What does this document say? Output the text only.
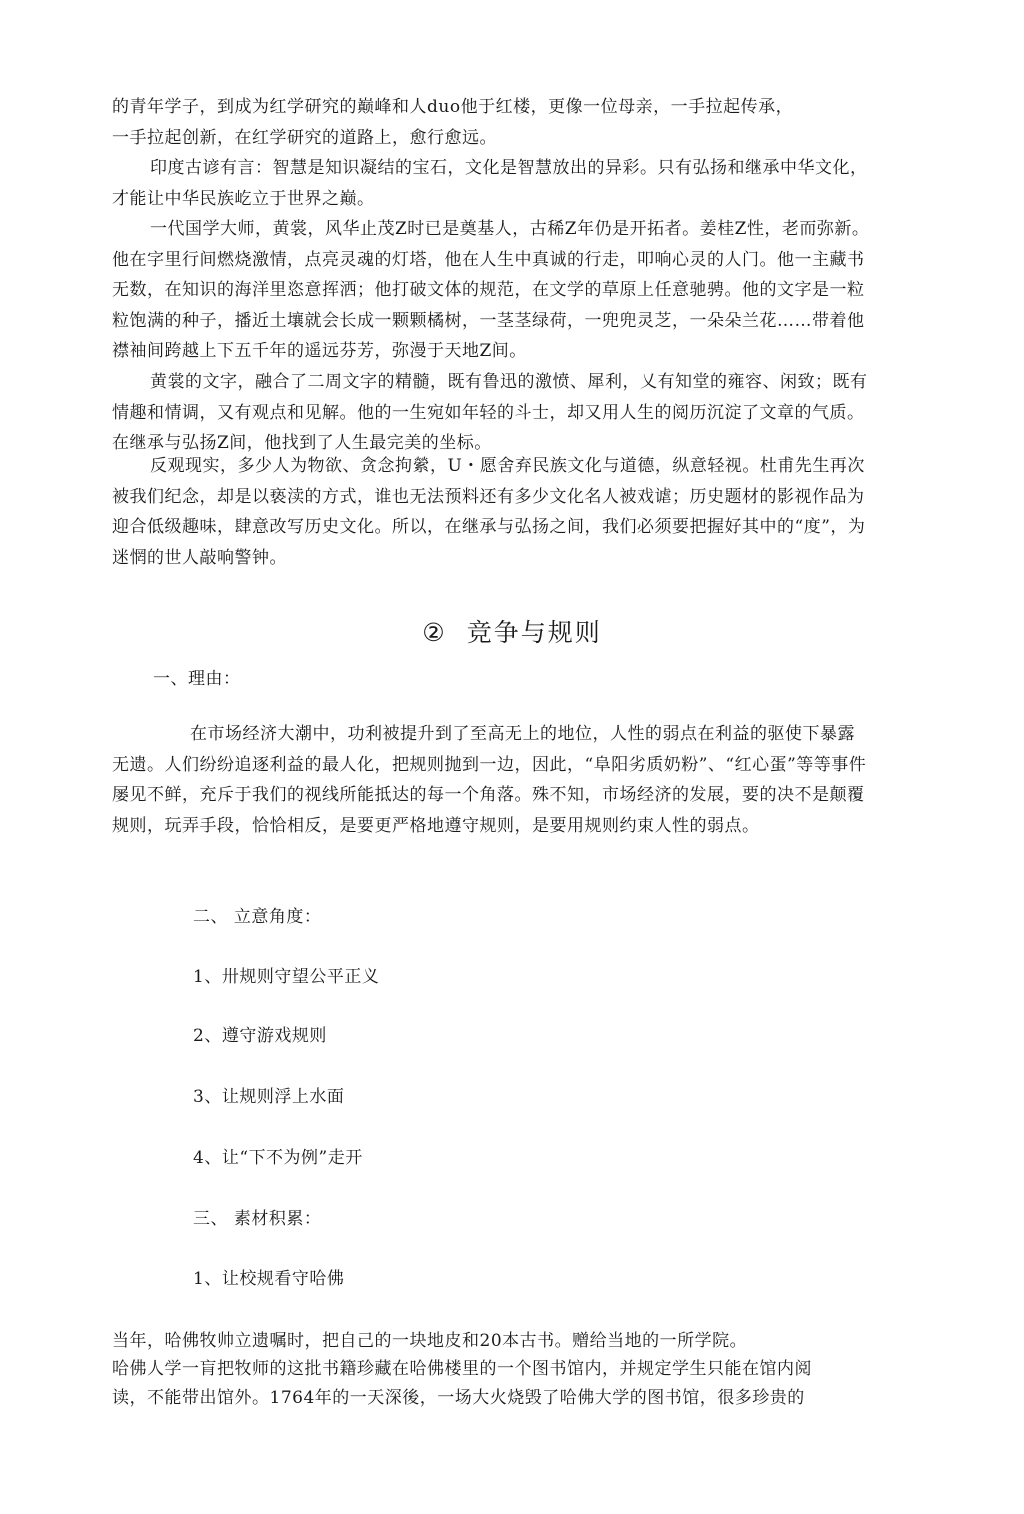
的青年学子，到成为红学研究的巅峰和人duo他于红楼，更像一位母亲，一手拉起传承，

一手拉起创新，在红学研究的道路上，愈行愈远。

印度古谚有言：智慧是知识凝结的宝石，文化是智慧放出的异彩。只有弘扬和继承中华文化，才能让中华民族屹立于世界之巅。

一代国学大师，黄裳，风华止茂Z时已是奠基人，古稀Z年仍是开拓者。姜桂Z性，老而弥新。他在字里行间燃烧激情，点亮灵魂的灯塔，他在人生中真诚的行走，叩响心灵的人门。他一主藏书无数，在知识的海洋里恣意挥洒；他打破文体的规范，在文学的草原上任意驰骋。他的文字是一粒粒饱满的种子，播近土壤就会长成一颗颗橘树，一茎茎绿荷，一兜兜灵芝，一朵朵兰花……带着他襟袖间跨越上下五千年的遥远芬芳，弥漫于天地Z间。

黄裳的文字，融合了二周文字的精髓，既有鲁迅的激愤、犀利，乂有知堂的雍容、闲致；既有情趣和情调，又有观点和见解。他的一生宛如年轻的斗士，却又用人生的阅历沉淀了文章的气质。在继承与弘扬Z间，他找到了人生最完美的坐标。

反观现实，多少人为物欲、贪念拘縈，U・愿舍弃民族文化与道德，纵意轻视。杜甫先生再次被我们纪念，却是以亵渎的方式，谁也无法预料还有多少文化名人被戏谑；历史题材的影视作品为迎合低级趣味，肆意改写历史文化。所以，在继承与弘扬之间，我们必须要把握好其中的“度”，为迷惘的世人敲响警钟。

② 竞争与规则
一、理由：

在市场经济大潮中，功利被提升到了至高无上的地位，人性的弱点在利益的驱使下暴露无遗。人们纷纷追逐利益的最人化，把规则抛到一边，因此，“阜阳劣质奶粉”、“红心蛋”等等事件屡见不鲜，充斥于我们的视线所能抵达的每一个角落。殊不知，市场经济的发展，要的决不是颠覆规则，玩弄手段，恰恰相反，是要更严格地遵守规则，是要用规则约束人性的弱点。

二、 立意角度：
1、卅规则守望公平正义
2、遵守游戏规则
3、让规则浮上水面
4、让“下不为例”走开
三、 素材积累：
1、让校规看守哈佛
当年，哈佛牧帅立遗嘱时，把自己的一块地皮和20本古书。赠给当地的一所学院。
哈佛人学一肓把牧师的这批书籍珍藏在哈佛楼里的一个图书馆内，并规定学生只能在馆内阅
读，不能带出馆外。1764年的一天深後，一场大火烧毁了哈佛大学的图书馆，很多珍贵的
